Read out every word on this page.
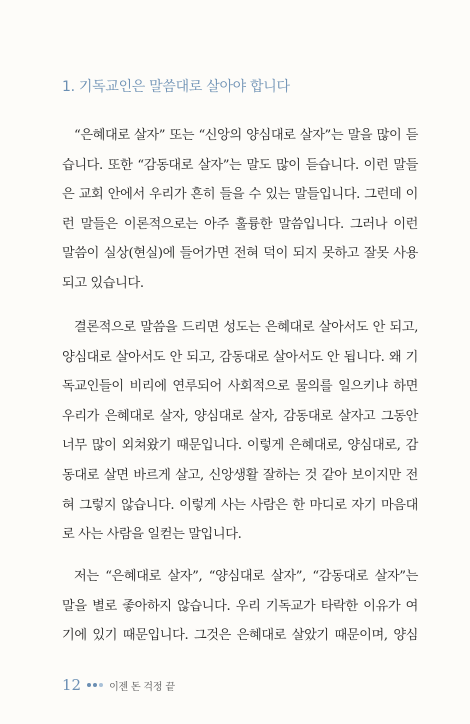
1. 기독교인은 말씀대로 살아야 합니다
“은혜대로 살자” 또는 “신앙의 양심대로 살자”는 말을 많이 듣
습니다. 또한 “감동대로 살자”는 말도 많이 듣습니다. 이런 말들
은 교회 안에서 우리가 흔히 들을 수 있는 말들입니다. 그런데 이
런 말들은 이론적으로는 아주 훌륭한 말씀입니다. 그러나 이런
말씀이 실상(현실)에 들어가면 전혀 덕이 되지 못하고 잘못 사용
되고 있습니다.
결론적으로 말씀을 드리면 성도는 은혜대로 살아서도 안 되고,
양심대로 살아서도 안 되고, 감동대로 살아서도 안 됩니다. 왜 기
독교인들이 비리에 연루되어 사회적으로 물의를 일으키냐 하면
우리가 은혜대로 살자, 양심대로 살자, 감동대로 살자고 그동안
너무 많이 외쳐왔기 때문입니다. 이렇게 은혜대로, 양심대로, 감
동대로 살면 바르게 살고, 신앙생활 잘하는 것 같아 보이지만 전
혀 그렇지 않습니다. 이렇게 사는 사람은 한 마디로 자기 마음대
로 사는 사람을 일컫는 말입니다.
저는 “은혜대로 살자”, “양심대로 살자”, “감동대로 살자”는
말을 별로 좋아하지 않습니다. 우리 기독교가 타락한 이유가 여
기에 있기 때문입니다. 그것은 은혜대로 살았기 때문이며, 양심
12	이젠 돈 걱정 끝
